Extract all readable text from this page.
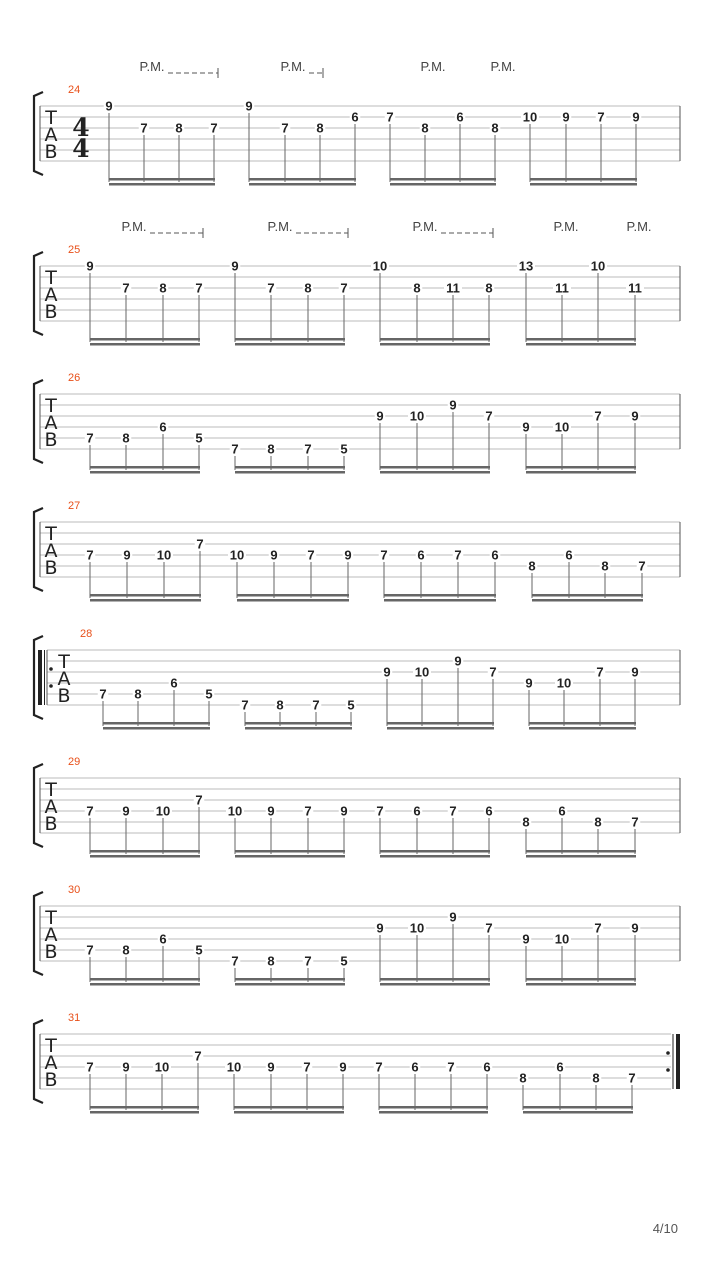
T
A
B
4
4
24
P.M.	P.M.	P.M.	P.M.
9
7 8 7
9
7 8
6 7
8
6
8
10 9 7 9
T
A
B
25
P.M.	P.M.	P.M.	P.M.	P.M.
9
7 8 7
9
7 8 7
10
8 11 8
13
11
10
11
T
A
B
26
7 8
6
5
7 8 7 5
9 10
9
7
9 10
7 9
T
A
B
27
7 9 10
7
10 9 7 9 7 6 7 6
8
6
8 7
T
A
B
28
7 8
6
5
7 8 7 5
9 10
9
7
9 10
7 9
T
A
B
29
7 9 10
7
10 9 7 9 7 6 7 6
8
6
8 7
T
A
B
30
7 8
6
5
7 8 7 5
9 10
9
7
9 10
7 9
T
A
B
31
7 9 10
7
10 9 7 9 7 6 7 6
8
6
8 7
4/10
